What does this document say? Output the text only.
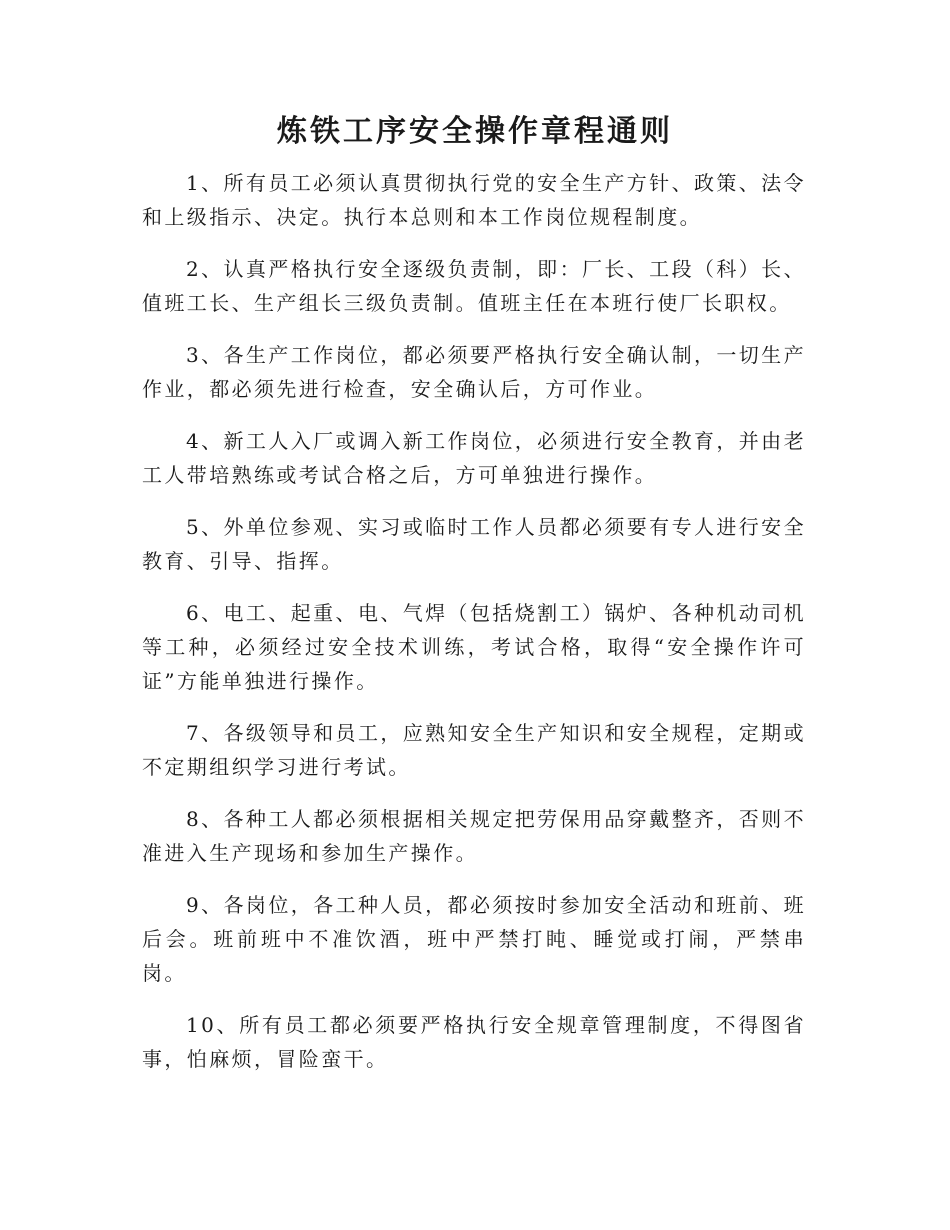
炼铁工序安全操作章程通则

1、所有员工必须认真贯彻执行党的安全生产方针、政策、法令和上级指示、决定。执行本总则和本工作岗位规程制度。

2、认真严格执行安全逐级负责制，即：厂长、工段（科）长、值班工长、生产组长三级负责制。值班主任在本班行使厂长职权。

3、各生产工作岗位，都必须要严格执行安全确认制，一切生产作业，都必须先进行检查，安全确认后，方可作业。

4、新工人入厂或调入新工作岗位，必须进行安全教育，并由老工人带培熟练或考试合格之后，方可单独进行操作。

5、外单位参观、实习或临时工作人员都必须要有专人进行安全教育、引导、指挥。

6、电工、起重、电、气焊（包括烧割工）锅炉、各种机动司机等工种，必须经过安全技术训练，考试合格，取得“安全操作许可证”方能单独进行操作。

7、各级领导和员工，应熟知安全生产知识和安全规程，定期或不定期组织学习进行考试。

8、各种工人都必须根据相关规定把劳保用品穿戴整齐，否则不准进入生产现场和参加生产操作。

9、各岗位，各工种人员，都必须按时参加安全活动和班前、班后会。班前班中不准饮酒，班中严禁打盹、睡觉或打闹，严禁串岗。

10、所有员工都必须要严格执行安全规章管理制度，不得图省事，怕麻烦，冒险蛮干。
